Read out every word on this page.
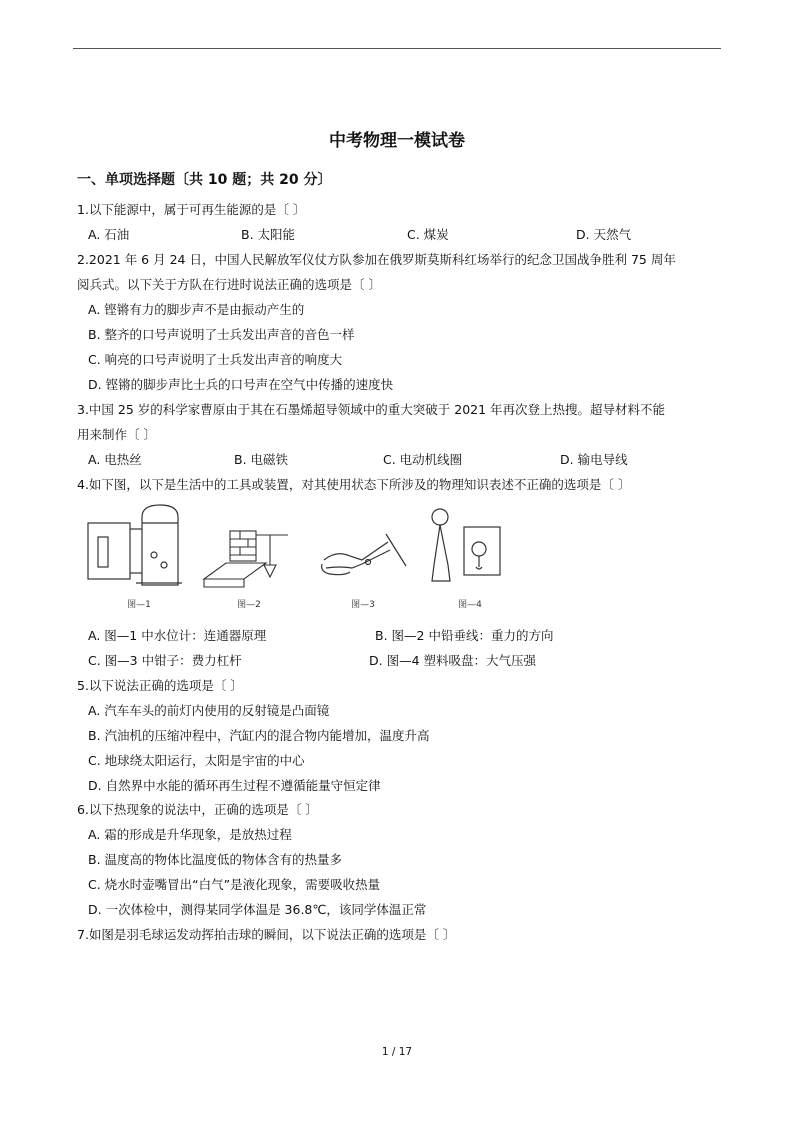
中考物理一模试卷
一、单项选择题〔共 10 题；共 20 分〕
1.以下能源中，属于可再生能源的是〔 〕
A. 石油	B. 太阳能	C. 煤炭	D. 天然气
2.2021 年 6 月 24 日，中国人民解放军仪仗方队参加在俄罗斯莫斯科红场举行的纪念卫国战争胜利 75 周年
阅兵式。以下关于方队在行进时说法正确的选项是〔 〕
A. 铿锵有力的脚步声不是由振动产生的
B. 整齐的口号声说明了士兵发出声音的音色一样
C. 响亮的口号声说明了士兵发出声音的响度大
D. 铿锵的脚步声比士兵的口号声在空气中传播的速度快
3.中国 25 岁的科学家曹原由于其在石墨烯超导领域中的重大突破于 2021 年再次登上热搜。超导材料不能
用来制作〔 〕
A. 电热丝	B. 电磁铁	C. 电动机线圈	D. 输电导线
4.如下图，以下是生活中的工具或装置，对其使用状态下所涉及的物理知识表述不正确的选项是〔 〕
图—1	图—2	图—3	图—4
A. 图—1 中水位计：连通器原理	B. 图—2 中铅垂线：重力的方向
C. 图—3 中钳子：费力杠杆	D. 图—4 塑料吸盘：大气压强
5.以下说法正确的选项是〔 〕
A. 汽车车头的前灯内使用的反射镜是凸面镜
B. 汽油机的压缩冲程中，汽缸内的混合物内能增加，温度升高
C. 地球绕太阳运行，太阳是宇宙的中心
D. 自然界中水能的循环再生过程不遵循能量守恒定律
6.以下热现象的说法中，正确的选项是〔 〕
A. 霜的形成是升华现象，是放热过程
B. 温度高的物体比温度低的物体含有的热量多
C. 烧水时壶嘴冒出“白气”是液化现象，需要吸收热量
D. 一次体检中，测得某同学体温是 36.8℃，该同学体温正常
7.如图是羽毛球运发动挥拍击球的瞬间，以下说法正确的选项是〔 〕
1 / 17
